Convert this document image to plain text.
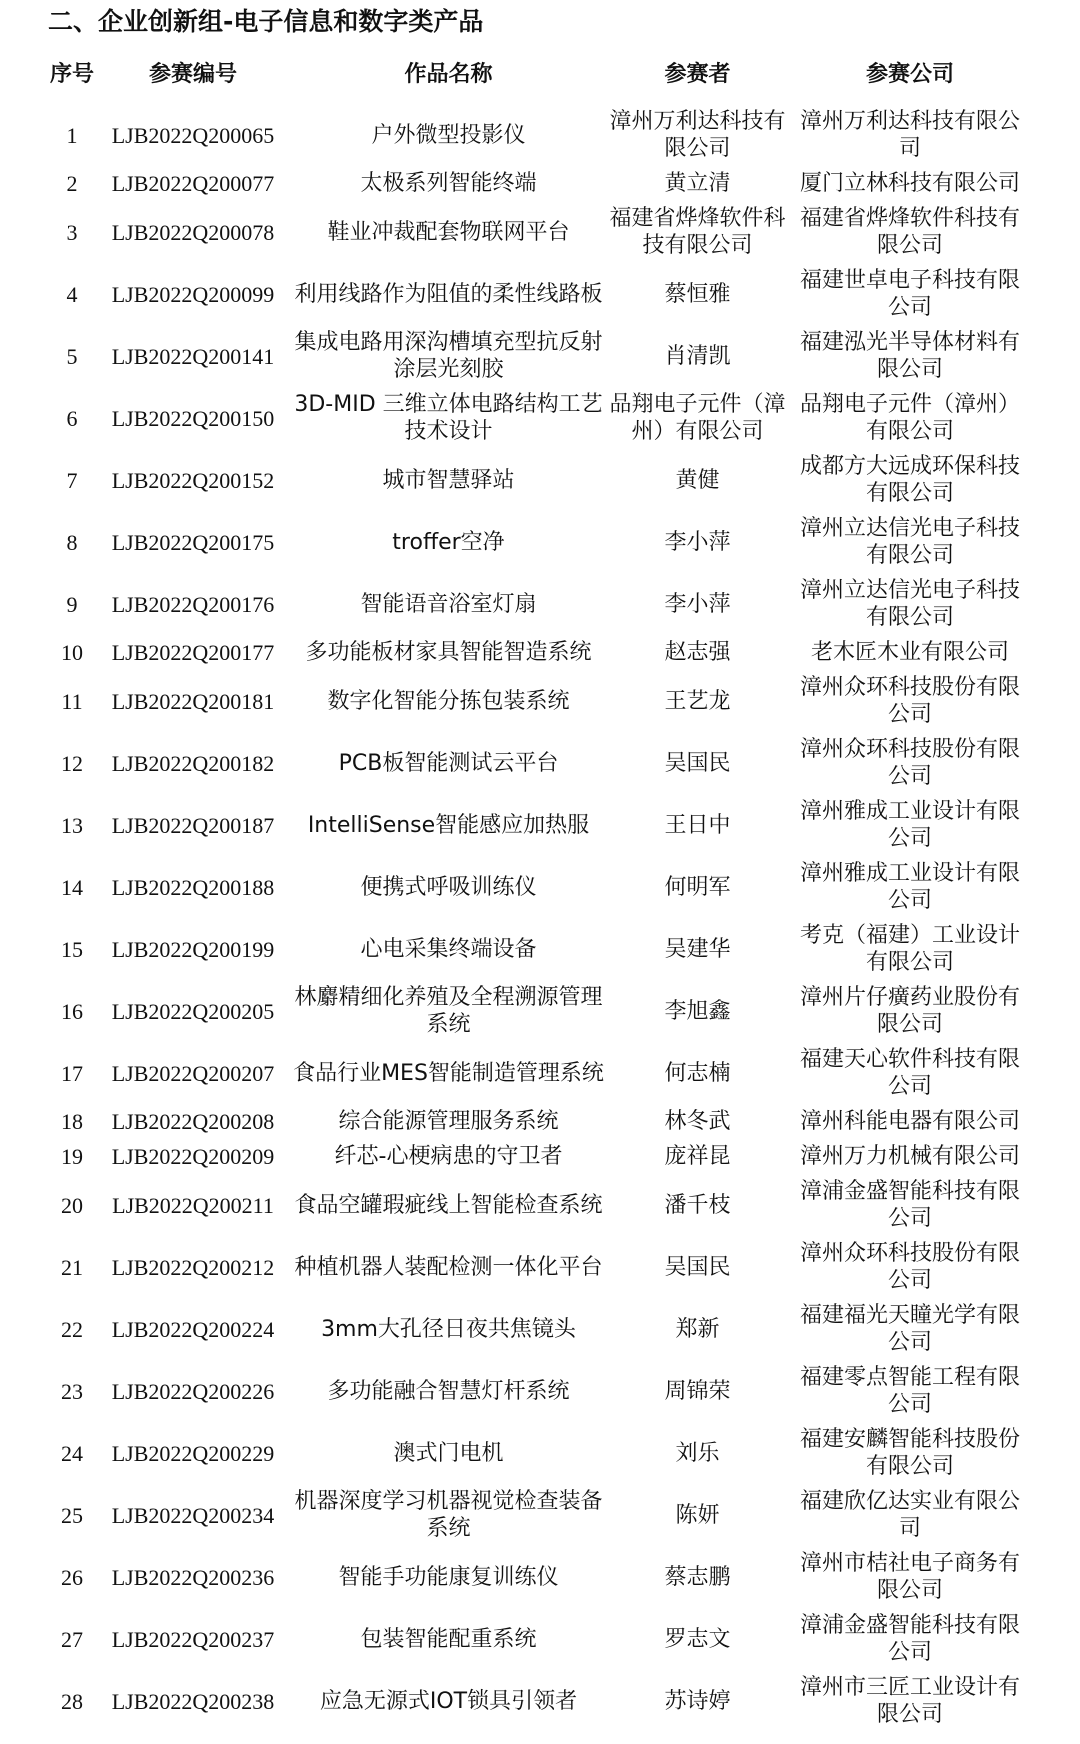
二、企业创新组-电子信息和数字类产品
序号	参赛编号	作品名称	参赛者	参赛公司
1	LJB2022Q200065	户外微型投影仪	漳州万利达科技有限公司	漳州万利达科技有限公司
2	LJB2022Q200077	太极系列智能终端	黄立清	厦门立林科技有限公司
3	LJB2022Q200078	鞋业冲裁配套物联网平台	福建省烨烽软件科技有限公司	福建省烨烽软件科技有限公司
4	LJB2022Q200099	利用线路作为阻值的柔性线路板	蔡恒雅	福建世卓电子科技有限公司
5	LJB2022Q200141	集成电路用深沟槽填充型抗反射涂层光刻胶	肖清凯	福建泓光半导体材料有限公司
6	LJB2022Q200150	3D-MID 三维立体电路结构工艺技术设计	品翔电子元件（漳州）有限公司	品翔电子元件（漳州）有限公司
7	LJB2022Q200152	城市智慧驿站	黄健	成都方大远成环保科技有限公司
8	LJB2022Q200175	troffer空净	李小萍	漳州立达信光电子科技有限公司
9	LJB2022Q200176	智能语音浴室灯扇	李小萍	漳州立达信光电子科技有限公司
10	LJB2022Q200177	多功能板材家具智能智造系统	赵志强	老木匠木业有限公司
11	LJB2022Q200181	数字化智能分拣包装系统	王艺龙	漳州众环科技股份有限公司
12	LJB2022Q200182	PCB板智能测试云平台	吴国民	漳州众环科技股份有限公司
13	LJB2022Q200187	IntelliSense智能感应加热服	王日中	漳州雅成工业设计有限公司
14	LJB2022Q200188	便携式呼吸训练仪	何明军	漳州雅成工业设计有限公司
15	LJB2022Q200199	心电采集终端设备	吴建华	考克（福建）工业设计有限公司
16	LJB2022Q200205	林麝精细化养殖及全程溯源管理系统	李旭鑫	漳州片仔癀药业股份有限公司
17	LJB2022Q200207	食品行业MES智能制造管理系统	何志楠	福建天心软件科技有限公司
18	LJB2022Q200208	综合能源管理服务系统	林冬武	漳州科能电器有限公司
19	LJB2022Q200209	纤芯-心梗病患的守卫者	庞祥昆	漳州万力机械有限公司
20	LJB2022Q200211	食品空罐瑕疵线上智能检查系统	潘千枝	漳浦金盛智能科技有限公司
21	LJB2022Q200212	种植机器人装配检测一体化平台	吴国民	漳州众环科技股份有限公司
22	LJB2022Q200224	3mm大孔径日夜共焦镜头	郑新	福建福光天瞳光学有限公司
23	LJB2022Q200226	多功能融合智慧灯杆系统	周锦荣	福建零点智能工程有限公司
24	LJB2022Q200229	澳式门电机	刘乐	福建安麟智能科技股份有限公司
25	LJB2022Q200234	机器深度学习机器视觉检查装备系统	陈妍	福建欣亿达实业有限公司
26	LJB2022Q200236	智能手功能康复训练仪	蔡志鹏	漳州市桔社电子商务有限公司
27	LJB2022Q200237	包装智能配重系统	罗志文	漳浦金盛智能科技有限公司
28	LJB2022Q200238	应急无源式IOT锁具引领者	苏诗婷	漳州市三匠工业设计有限公司
